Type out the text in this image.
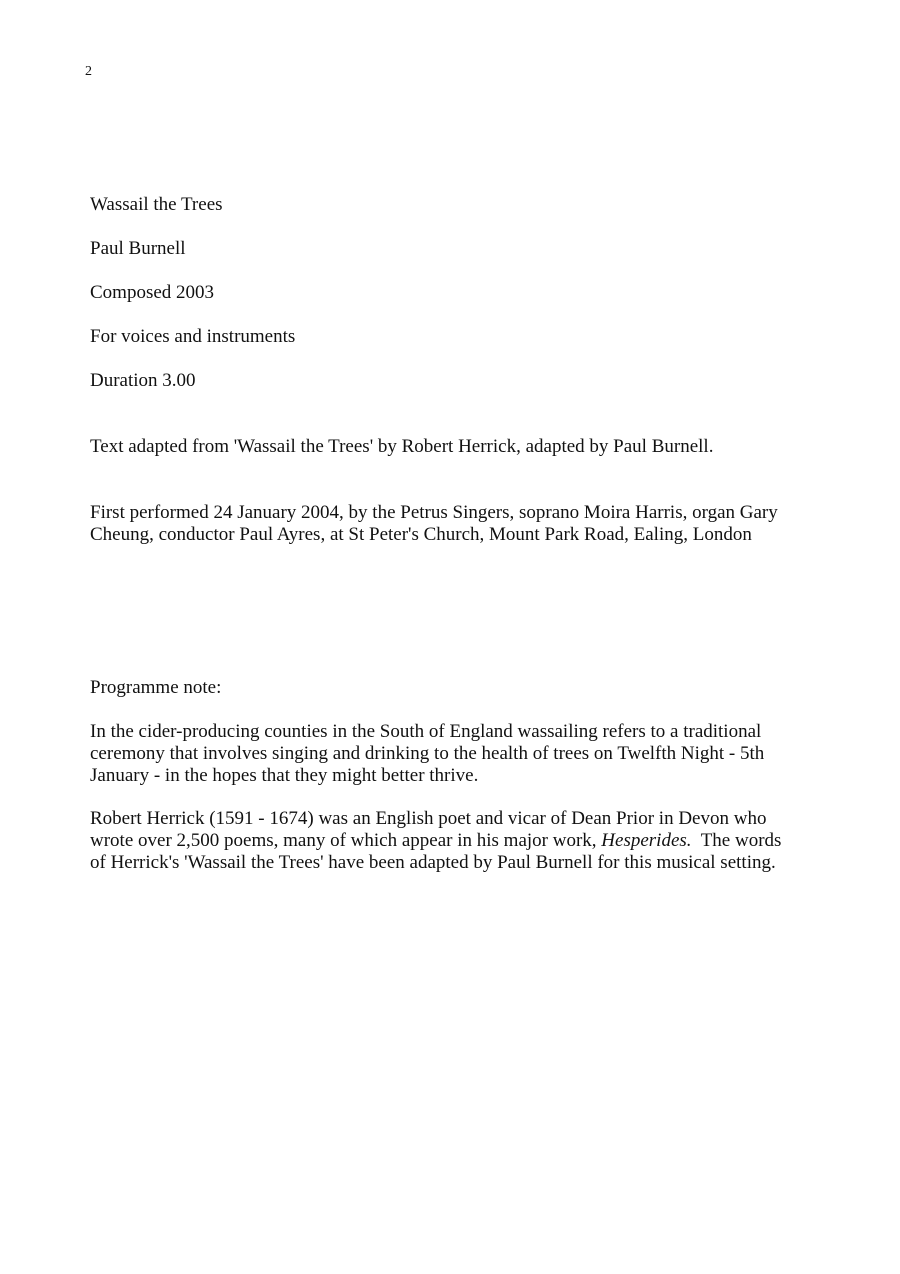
2
Wassail the Trees
Paul Burnell
Composed 2003
For voices and instruments
Duration 3.00
Text adapted from 'Wassail the Trees' by Robert Herrick, adapted by Paul Burnell.
First performed 24 January 2004, by the Petrus Singers, soprano Moira Harris, organ Gary
Cheung, conductor Paul Ayres, at St Peter's Church, Mount Park Road, Ealing, London
Programme note:
In the cider-producing counties in the South of England wassailing refers to a traditional
ceremony that involves singing and drinking to the health of trees on Twelfth Night - 5th
January - in the hopes that they might better thrive.
Robert Herrick (1591 - 1674) was an English poet and vicar of Dean Prior in Devon who
wrote over 2,500 poems, many of which appear in his major work, Hesperides.  The words
of Herrick's 'Wassail the Trees' have been adapted by Paul Burnell for this musical setting.
